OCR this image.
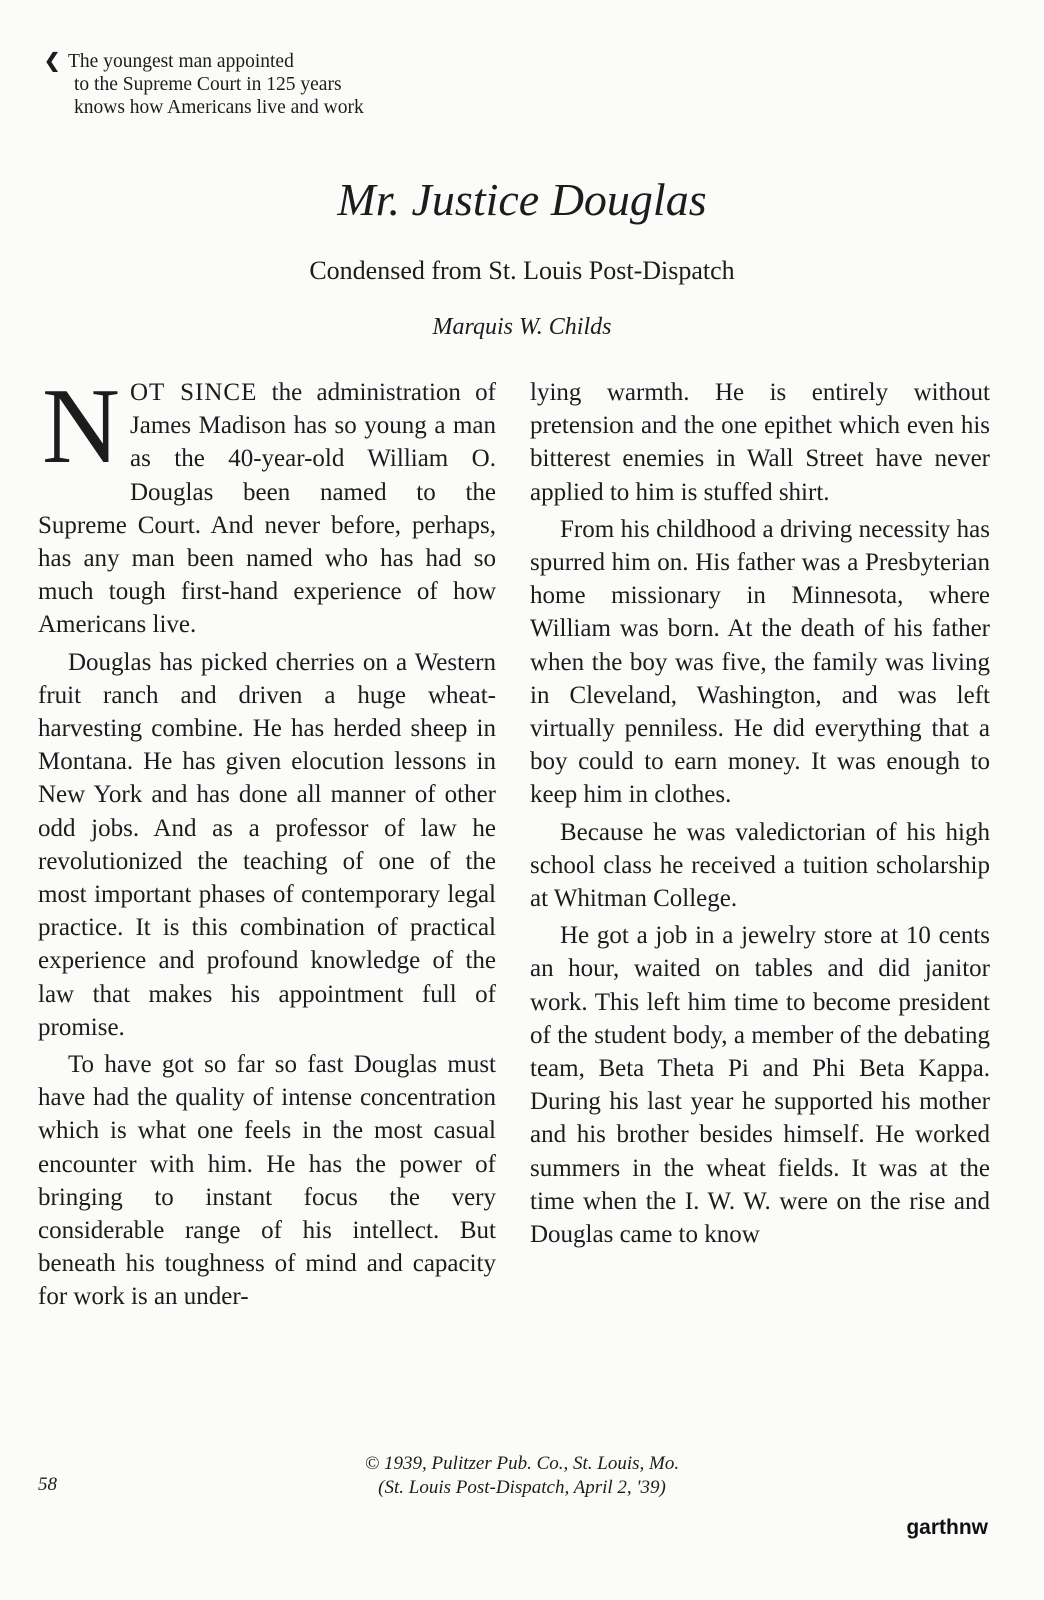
❮ The youngest man appointed
to the Supreme Court in 125 years
knows how Americans live and work
Mr. Justice Douglas
Condensed from St. Louis Post-Dispatch
Marquis W. Childs

NOT SINCE the administration of James Madison has so young a man as the 40-year-old William O. Douglas been named to the Supreme Court. And never before, perhaps, has any man been named who has had so much tough first-hand experience of how Americans live.

Douglas has picked cherries on a Western fruit ranch and driven a huge wheat-harvesting combine. He has herded sheep in Montana. He has given elocution lessons in New York and has done all manner of other odd jobs. And as a professor of law he revolutionized the teaching of one of the most important phases of contemporary legal practice. It is this combination of practical experience and profound knowledge of the law that makes his appointment full of promise.

To have got so far so fast Douglas must have had the quality of intense concentration which is what one feels in the most casual encounter with him. He has the power of bringing to instant focus the very considerable range of his intellect. But beneath his toughness of mind and capacity for work is an under-

lying warmth. He is entirely without pretension and the one epithet which even his bitterest enemies in Wall Street have never applied to him is stuffed shirt.

From his childhood a driving necessity has spurred him on. His father was a Presbyterian home missionary in Minnesota, where William was born. At the death of his father when the boy was five, the family was living in Cleveland, Washington, and was left virtually penniless. He did everything that a boy could to earn money. It was enough to keep him in clothes.

Because he was valedictorian of his high school class he received a tuition scholarship at Whitman College.

He got a job in a jewelry store at 10 cents an hour, waited on tables and did janitor work. This left him time to become president of the student body, a member of the debating team, Beta Theta Pi and Phi Beta Kappa. During his last year he supported his mother and his brother besides himself. He worked summers in the wheat fields. It was at the time when the I. W. W. were on the rise and Douglas came to know

© 1939, Pulitzer Pub. Co., St. Louis, Mo.
(St. Louis Post-Dispatch, April 2, '39)
58
garthnw
